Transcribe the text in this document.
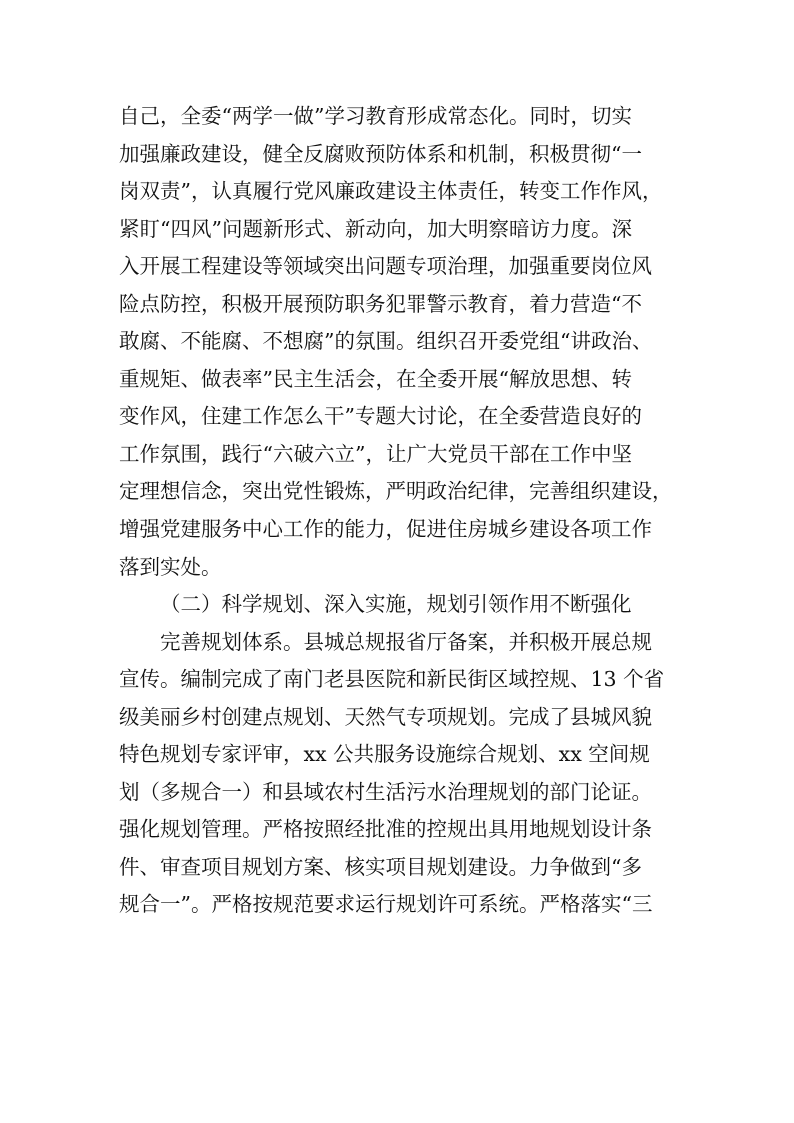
自己，全委“两学一做”学习教育形成常态化。同时，切实
加强廉政建设，健全反腐败预防体系和机制，积极贯彻“一
岗双责”，认真履行党风廉政建设主体责任，转变工作作风，
紧盯“四风”问题新形式、新动向，加大明察暗访力度。深
入开展工程建设等领域突出问题专项治理，加强重要岗位风
险点防控，积极开展预防职务犯罪警示教育，着力营造“不
敢腐、不能腐、不想腐”的氛围。组织召开委党组“讲政治、
重规矩、做表率”民主生活会，在全委开展“解放思想、转
变作风，住建工作怎么干”专题大讨论，在全委营造良好的
工作氛围，践行“六破六立”，让广大党员干部在工作中坚
定理想信念，突出党性锻炼，严明政治纪律，完善组织建设，
增强党建服务中心工作的能力，促进住房城乡建设各项工作
落到实处。
（二）科学规划、深入实施，规划引领作用不断强化
完善规划体系。县城总规报省厅备案，并积极开展总规
宣传。编制完成了南门老县医院和新民街区域控规、13 个省
级美丽乡村创建点规划、天然气专项规划。完成了县城风貌
特色规划专家评审，xx 公共服务设施综合规划、xx 空间规
划（多规合一）和县域农村生活污水治理规划的部门论证。
强化规划管理。严格按照经批准的控规出具用地规划设计条
件、审查项目规划方案、核实项目规划建设。力争做到“多
规合一”。严格按规范要求运行规划许可系统。严格落实“三
